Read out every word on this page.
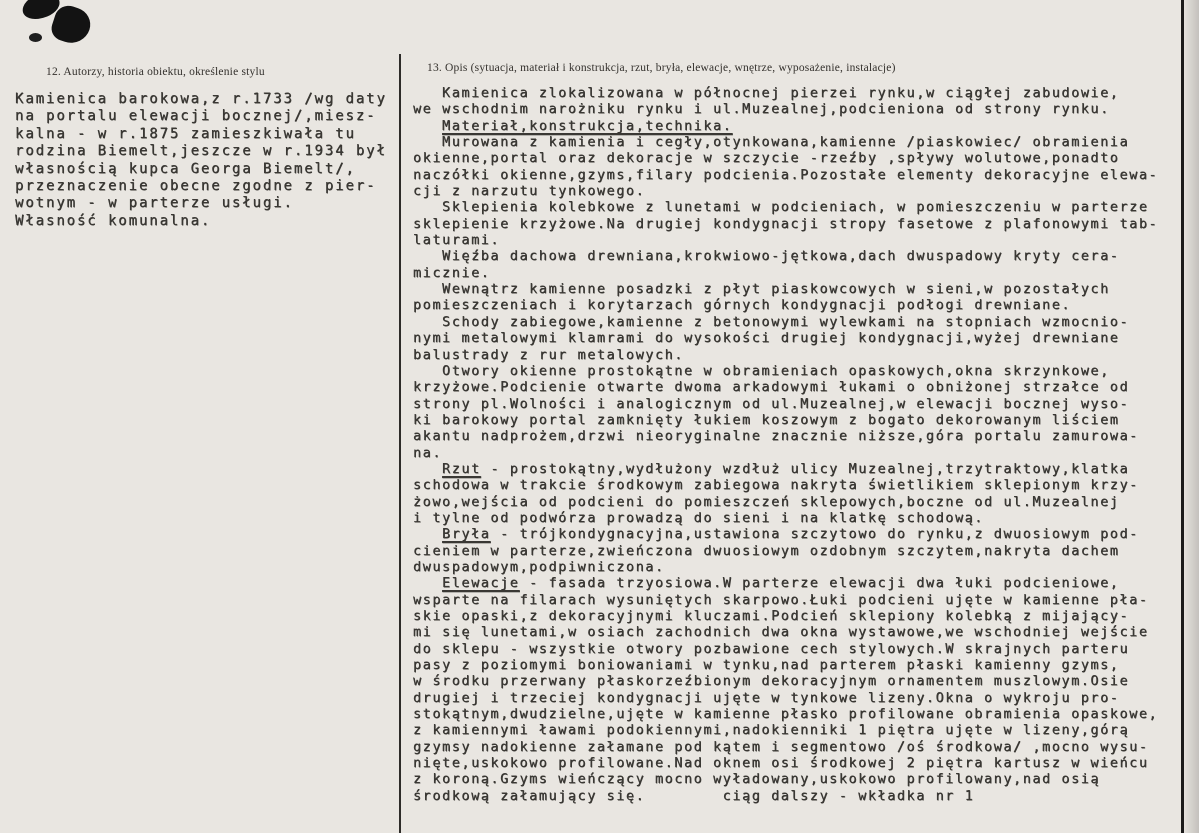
12. Autorzy, historia obiektu, określenie stylu
Kamienica barokowa,z r.1733 /wg daty
na portalu elewacji bocznej/,miesz-
kalna - w r.1875 zamieszkiwała tu
rodzina Biemelt,jeszcze w r.1934 był
własnością kupca Georga Biemelt/,
przeznaczenie obecne zgodne z pier-
wotnym - w parterze usługi.
Własność komunalna.
13. Opis (sytuacja, materiał i konstrukcja, rzut, bryła, elewacje, wnętrze, wyposażenie, instalacje)
Kamienica zlokalizowana w północnej pierzei rynku,w ciągłej zabudowie,
we wschodnim narożniku rynku i ul.Muzealnej,podcieniona od strony rynku.
Materiał,konstrukcja,technika.
Murowana z kamienia i cegły,otynkowana,kamienne /piaskowiec/ obramienia
okienne,portal oraz dekoracje w szczycie -rzeźby ,spływy wolutowe,ponadto
naczółki okienne,gzyms,filary podcienia.Pozostałe elementy dekoracyjne elewa-
cji z narzutu tynkowego.
Sklepienia kolebkowe z lunetami w podcieniach, w pomieszczeniu w parterze
sklepienie krzyżowe.Na drugiej kondygnacji stropy fasetowe z plafonowymi tab-
laturami.
Więźba dachowa drewniana,krokwiowo-jętkowa,dach dwuspadowy kryty cera-
micznie.
Wewnątrz kamienne posadzki z płyt piaskowcowych w sieni,w pozostałych
pomieszczeniach i korytarzach górnych kondygnacji podłogi drewniane.
Schody zabiegowe,kamienne z betonowymi wylewkami na stopniach wzmocnio-
nymi metalowymi klamrami do wysokości drugiej kondygnacji,wyżej drewniane
balustrady z rur metalowych.
Otwory okienne prostokątne w obramieniach opaskowych,okna skrzynkowe,
krzyżowe.Podcienie otwarte dwoma arkadowymi łukami o obniżonej strzałce od
strony pl.Wolności i analogicznym od ul.Muzealnej,w elewacji bocznej wyso-
ki barokowy portal zamknięty łukiem koszowym z bogato dekorowanym liściem
akantu nadprożem,drzwi nieoryginalne znacznie niższe,góra portalu zamurowa-
na.
Rzut - prostokątny,wydłużony wzdłuż ulicy Muzealnej,trzytraktowy,klatka
schodowa w trakcie środkowym zabiegowa nakryta świetlikiem sklepionym krzy-
żowo,wejścia od podcieni do pomieszczeń sklepowych,boczne od ul.Muzealnej
i tylne od podwórza prowadzą do sieni i na klatkę schodową.
Bryła - trójkondygnacyjna,ustawiona szczytowo do rynku,z dwuosiowym pod-
cieniem w parterze,zwieńczona dwuosiowym ozdobnym szczytem,nakryta dachem
dwuspadowym,podpiwniczona.
Elewacje - fasada trzyosiowa.W parterze elewacji dwa łuki podcieniowe,
wsparte na filarach wysuniętych skarpowo.Łuki podcieni ujęte w kamienne pła-
skie opaski,z dekoracyjnymi kluczami.Podcień sklepiony kolebką z mijający-
mi się lunetami,w osiach zachodnich dwa okna wystawowe,we wschodniej wejście
do sklepu - wszystkie otwory pozbawione cech stylowych.W skrajnych parteru
pasy z poziomymi boniowaniami w tynku,nad parterem płaski kamienny gzyms,
w środku przerwany płaskorzeźbionym dekoracyjnym ornamentem muszlowym.Osie
drugiej i trzeciej kondygnacji ujęte w tynkowe lizeny.Okna o wykroju pro-
stokątnym,dwudzielne,ujęte w kamienne płasko profilowane obramienia opaskowe,
z kamiennymi ławami podokiennymi,nadokienniki 1 piętra ujęte w lizeny,górą
gzymsy nadokienne załamane pod kątem i segmentowo /oś środkowa/ ,mocno wysu-
nięte,uskokowo profilowane.Nad oknem osi środkowej 2 piętra kartusz w wieńcu
z koroną.Gzyms wieńczący mocno wyładowany,uskokowo profilowany,nad osią
środkową załamujący się.        ciąg dalszy - wkładka nr 1
